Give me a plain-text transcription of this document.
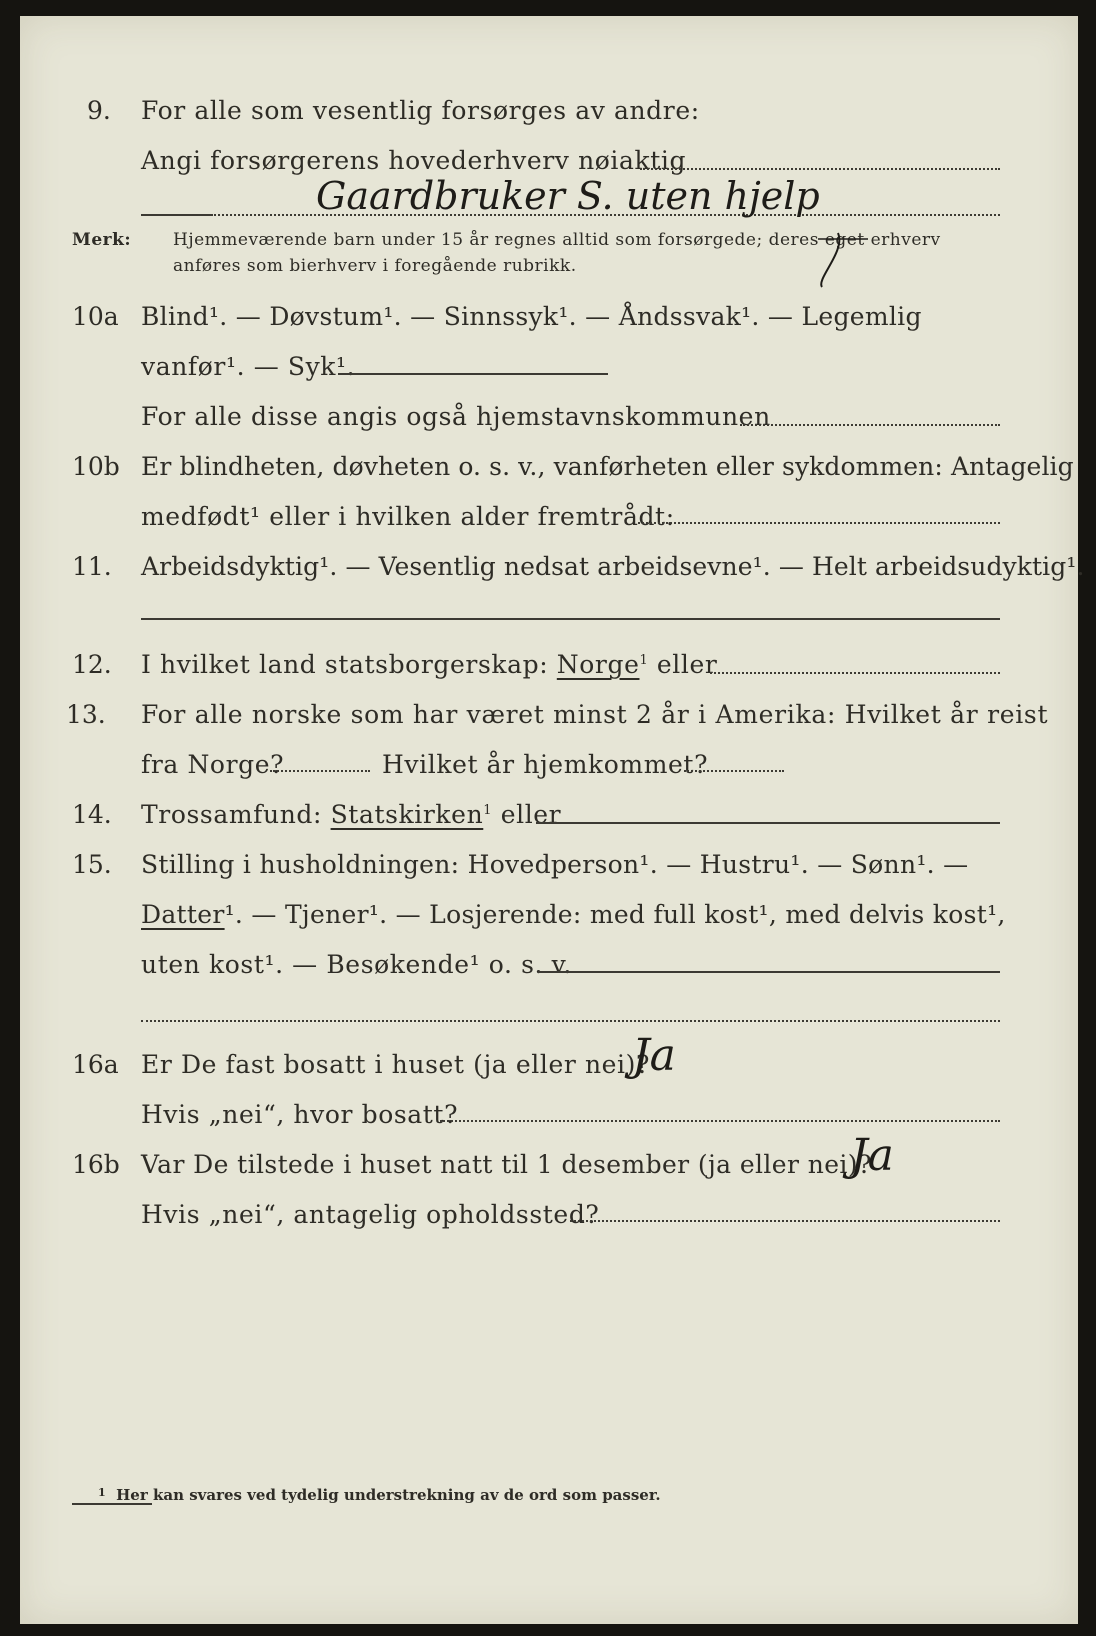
9. For alle som vesentlig forsørges av andre:
Angi forsørgerens hovederhverv nøiaktig
Gaardbruker S. uten hjelp
Merk: Hjemmeværende barn under 15 år regnes alltid som forsørgede; deres eget erhverv
anføres som bierhverv i foregående rubrikk.
10a Blind¹. — Døvstum¹. — Sinnssyk¹. — Åndssvak¹. — Legemlig
vanfør¹. — Syk¹.
For alle disse angis også hjemstavnskommunen
10b Er blindheten, døvheten o. s. v., vanførheten eller sykdommen: Antagelig
medfødt¹ eller i hvilken alder fremtrådt:
11. Arbeidsdyktig¹. — Vesentlig nedsat arbeidsevne¹. — Helt arbeidsudyktig¹.
12. I hvilket land statsborgerskap: Norge$^1$ eller
13. For alle norske som har været minst 2 år i Amerika: Hvilket år reist
fra Norge?	Hvilket år hjemkommet?
14. Trossamfund: Statskirken$^1$ eller
15. Stilling i husholdningen: Hovedperson¹. — Hustru¹. — Sønn¹. —
Datter¹. — Tjener¹. — Losjerende: med full kost¹, med delvis kost¹,
uten kost¹. — Besøkende¹ o. s. v.
16a Er De fast bosatt i huset (ja eller nei)?
Ja
Hvis „nei“, hvor bosatt?
16b Var De tilstede i huset natt til 1 desember (ja eller nei)?
Ja
Hvis „nei“, antagelig opholdssted?
$^1$ Her kan svares ved tydelig understrekning av de ord som passer.
